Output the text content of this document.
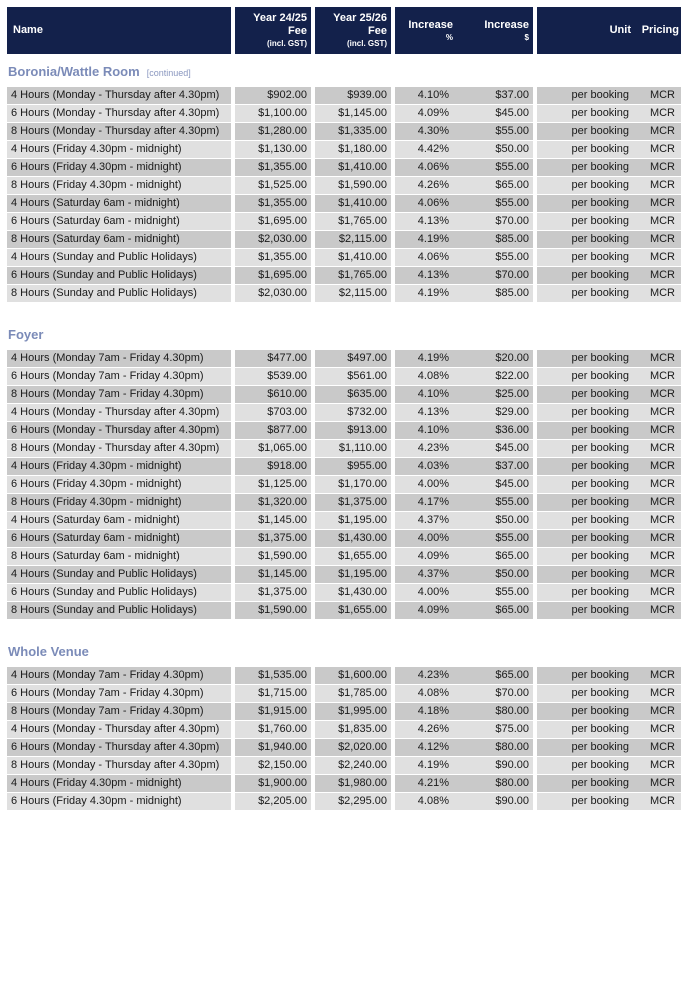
Name		Year 24/25
Fee
(incl. GST)		Year 25/26
Fee
(incl. GST)		Increase
%	Increase
$		Unit	Pricing
Boronia/Wattle Room [continued]										
4 Hours (Monday - Thursday after 4.30pm)		$902.00		$939.00		4.10%	$37.00		per booking	MCR
6 Hours (Monday - Thursday after 4.30pm)		$1,100.00		$1,145.00		4.09%	$45.00		per booking	MCR
8 Hours (Monday - Thursday after 4.30pm)		$1,280.00		$1,335.00		4.30%	$55.00		per booking	MCR
4 Hours (Friday 4.30pm - midnight)		$1,130.00		$1,180.00		4.42%	$50.00		per booking	MCR
6 Hours (Friday 4.30pm - midnight)		$1,355.00		$1,410.00		4.06%	$55.00		per booking	MCR
8 Hours (Friday 4.30pm - midnight)		$1,525.00		$1,590.00		4.26%	$65.00		per booking	MCR
4 Hours (Saturday 6am - midnight)		$1,355.00		$1,410.00		4.06%	$55.00		per booking	MCR
6 Hours (Saturday 6am - midnight)		$1,695.00		$1,765.00		4.13%	$70.00		per booking	MCR
8 Hours (Saturday 6am - midnight)		$2,030.00		$2,115.00		4.19%	$85.00		per booking	MCR
4 Hours (Sunday and Public Holidays)		$1,355.00		$1,410.00		4.06%	$55.00		per booking	MCR
6 Hours (Sunday and Public Holidays)		$1,695.00		$1,765.00		4.13%	$70.00		per booking	MCR
8 Hours (Sunday and Public Holidays)		$2,030.00		$2,115.00		4.19%	$85.00		per booking	MCR

Foyer										
4 Hours (Monday 7am - Friday 4.30pm)		$477.00		$497.00		4.19%	$20.00		per booking	MCR
6 Hours (Monday 7am - Friday 4.30pm)		$539.00		$561.00		4.08%	$22.00		per booking	MCR
8 Hours (Monday 7am - Friday 4.30pm)		$610.00		$635.00		4.10%	$25.00		per booking	MCR
4 Hours (Monday - Thursday after 4.30pm)		$703.00		$732.00		4.13%	$29.00		per booking	MCR
6 Hours (Monday - Thursday after 4.30pm)		$877.00		$913.00		4.10%	$36.00		per booking	MCR
8 Hours (Monday - Thursday after 4.30pm)		$1,065.00		$1,110.00		4.23%	$45.00		per booking	MCR
4 Hours (Friday 4.30pm - midnight)		$918.00		$955.00		4.03%	$37.00		per booking	MCR
6 Hours (Friday 4.30pm - midnight)		$1,125.00		$1,170.00		4.00%	$45.00		per booking	MCR
8 Hours (Friday 4.30pm - midnight)		$1,320.00		$1,375.00		4.17%	$55.00		per booking	MCR
4 Hours (Saturday 6am - midnight)		$1,145.00		$1,195.00		4.37%	$50.00		per booking	MCR
6 Hours (Saturday 6am - midnight)		$1,375.00		$1,430.00		4.00%	$55.00		per booking	MCR
8 Hours (Saturday 6am - midnight)		$1,590.00		$1,655.00		4.09%	$65.00		per booking	MCR
4 Hours (Sunday and Public Holidays)		$1,145.00		$1,195.00		4.37%	$50.00		per booking	MCR
6 Hours (Sunday and Public Holidays)		$1,375.00		$1,430.00		4.00%	$55.00		per booking	MCR
8 Hours (Sunday and Public Holidays)		$1,590.00		$1,655.00		4.09%	$65.00		per booking	MCR

Whole Venue										
4 Hours (Monday 7am - Friday 4.30pm)		$1,535.00		$1,600.00		4.23%	$65.00		per booking	MCR
6 Hours (Monday 7am - Friday 4.30pm)		$1,715.00		$1,785.00		4.08%	$70.00		per booking	MCR
8 Hours (Monday 7am - Friday 4.30pm)		$1,915.00		$1,995.00		4.18%	$80.00		per booking	MCR
4 Hours (Monday - Thursday after 4.30pm)		$1,760.00		$1,835.00		4.26%	$75.00		per booking	MCR
6 Hours (Monday - Thursday after 4.30pm)		$1,940.00		$2,020.00		4.12%	$80.00		per booking	MCR
8 Hours (Monday - Thursday after 4.30pm)		$2,150.00		$2,240.00		4.19%	$90.00		per booking	MCR
4 Hours (Friday 4.30pm - midnight)		$1,900.00		$1,980.00		4.21%	$80.00		per booking	MCR
6 Hours (Friday 4.30pm - midnight)		$2,205.00		$2,295.00		4.08%	$90.00		per booking	MCR
